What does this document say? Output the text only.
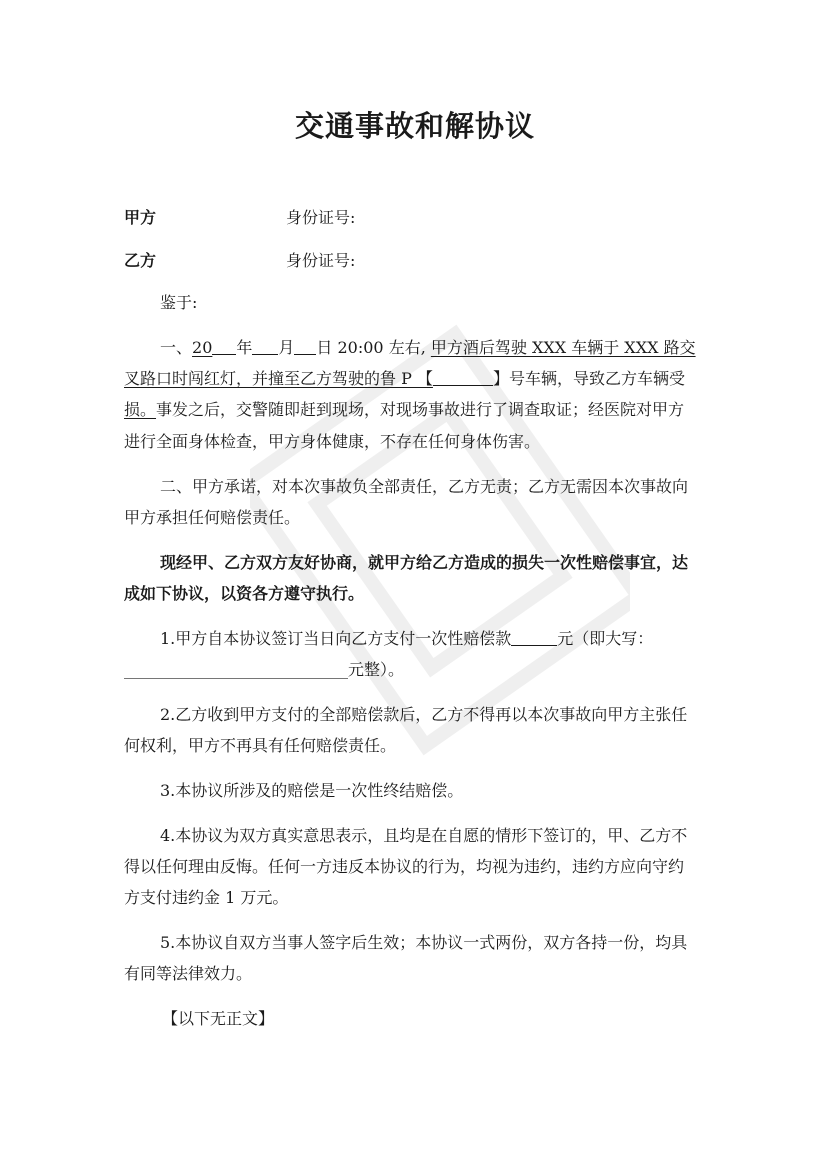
交通事故和解协议
甲方	身份证号:
乙方	身份证号:
鉴于:
一、20 年 月 日 20:00 左右, 甲方酒后驾驶 XXX 车辆于 XXX 路交
叉路口时闯红灯，并撞至乙方驾驶的鲁 P 【	】号车辆，导致乙方车辆受
损。事发之后，交警随即赶到现场，对现场事故进行了调查取证；经医院对甲方
进行全面身体检查，甲方身体健康，不存在任何身体伤害。
二、甲方承诺，对本次事故负全部责任，乙方无责；乙方无需因本次事故向
甲方承担任何赔偿责任。
现经甲、乙方双方友好协商，就甲方给乙方造成的损失一次性赔偿事宜，达
成如下协议，以资各方遵守执行。
1.甲方自本协议签订当日向乙方支付一次性赔偿款	元（即大写：
____________________________元整）。
2.乙方收到甲方支付的全部赔偿款后，乙方不得再以本次事故向甲方主张任
何权利，甲方不再具有任何赔偿责任。
3.本协议所涉及的赔偿是一次性终结赔偿。
4.本协议为双方真实意思表示，且均是在自愿的情形下签订的，甲、乙方不
得以任何理由反悔。任何一方违反本协议的行为，均视为违约，违约方应向守约
方支付违约金 1 万元。
5.本协议自双方当事人签字后生效；本协议一式两份，双方各持一份，均具
有同等法律效力。
【以下无正文】
